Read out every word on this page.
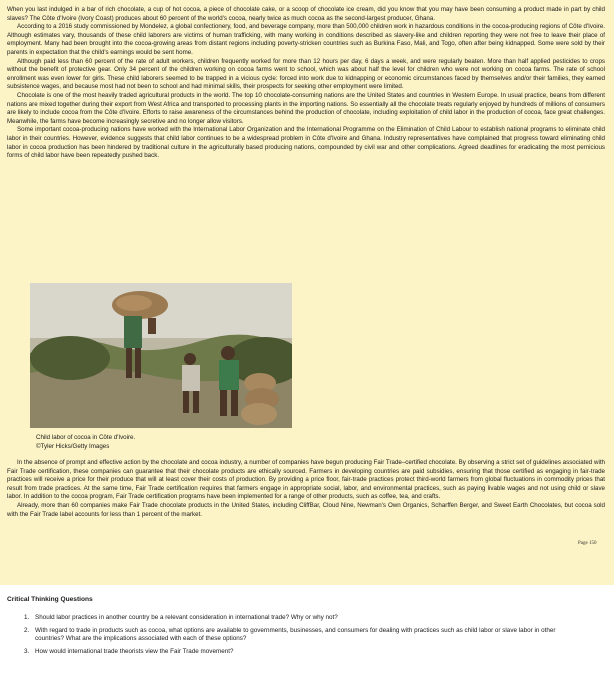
When you last indulged in a bar of rich chocolate, a cup of hot cocoa, a piece of chocolate cake, or a scoop of chocolate ice cream, did you know that you may have been consuming a product made in part by child slaves? The Côte d'Ivoire (Ivory Coast) produces about 60 percent of the world's cocoa, nearly twice as much cocoa as the second-largest producer, Ghana.

According to a 2016 study commissioned by Mondelez, a global confectionery, food, and beverage company, more than 500,000 children work in hazardous conditions in the cocoa-producing regions of Côte d'Ivoire. Although estimates vary, thousands of these child laborers are victims of human trafficking, with many working in conditions described as slavery-like and children reporting they were not free to leave their place of employment. Many had been brought into the cocoa-growing areas from distant regions including poverty-stricken countries such as Burkina Faso, Mali, and Togo, often after being kidnapped. Some were sold by their parents in expectation that the child's earnings would be sent home.

Although paid less than 60 percent of the rate of adult workers, children frequently worked for more than 12 hours per day, 6 days a week, and were regularly beaten. More than half applied pesticides to crops without the benefit of protective gear. Only 34 percent of the children working on cocoa farms went to school, which was about half the level for children who were not working on cocoa farms. The rate of school enrollment was even lower for girls. These child laborers seemed to be trapped in a vicious cycle: forced into work due to kidnapping or economic circumstances faced by themselves and/or their families, they earned subsistence wages, and because most had not been to school and had minimal skills, their prospects for seeking other employment were limited.

Chocolate is one of the most heavily traded agricultural products in the world. The top 10 chocolate-consuming nations are the United States and countries in Western Europe. In usual practice, beans from different nations are mixed together during their export from West Africa and transported to processing plants in the importing nations. So essentially all the chocolate treats regularly enjoyed by hundreds of millions of consumers are likely to include cocoa from the Côte d'Ivoire. Efforts to raise awareness of the circumstances behind the production of chocolate, including exploitation of child labor in the production of cocoa, face great challenges. Meanwhile, the farms have become increasingly secretive and no longer allow visitors.

Some important cocoa-producing nations have worked with the International Labor Organization and the International Programme on the Elimination of Child Labour to establish national programs to eliminate child labor in their countries. However, evidence suggests that child labor continues to be a widespread problem in Côte d'Ivoire and Ghana. Industry representatives have complained that progress toward eliminating child labor in cocoa production has been hindered by traditional culture in the agriculturally based producing nations, compounded by civil war and other complications. Agreed deadlines for eradicating the most pernicious forms of child labor have been repeatedly pushed back.

Child labor of cocoa in Côte d'Ivoire.
©Tyler Hicks/Getty Images

In the absence of prompt and effective action by the chocolate and cocoa industry, a number of companies have begun producing Fair Trade–certified chocolate. By observing a strict set of guidelines associated with Fair Trade certification, these companies can guarantee that their chocolate products are ethically sourced. Farmers in developing countries are paid subsidies, ensuring that those certified as engaging in fair-trade practices will receive a price for their produce that will at least cover their costs of production. By providing a price floor, fair-trade practices protect third-world farmers from global fluctuations in commodity prices that result from trade practices. At the same time, Fair Trade certification requires that farmers engage in appropriate social, labor, and environmental practices, such as paying livable wages and not using child or slave labor. In addition to the cocoa program, Fair Trade certification programs have been implemented for a range of other products, such as coffee, tea, and crafts.

Already, more than 60 companies make Fair Trade chocolate products in the United States, including CliffBar, Cloud Nine, Newman's Own Organics, Scharffen Berger, and Sweet Earth Chocolates, but cocoa sold with the Fair Trade label accounts for less than 1 percent of the market.

Page 150
Critical Thinking Questions
1. Should labor practices in another country be a relevant consideration in international trade? Why or why not?
2. With regard to trade in products such as cocoa, what options are available to governments, businesses, and consumers for dealing with practices such as child labor or slave labor in other countries? What are the implications associated with each of these options?
3. How would international trade theorists view the Fair Trade movement?
